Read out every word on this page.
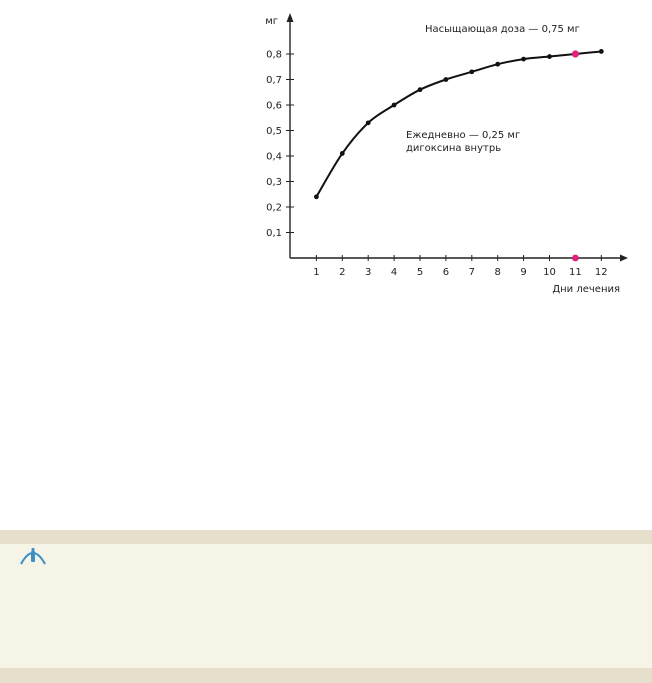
0,1
0,2
0,3
0,4
0,5
0,6
0,7
0,8
1 2 3 4 5 6 7 8 9 10 11 12
мг
Дни лечения
Насыщающая доза — 0,75 мг
Ежедневно — 0,25 мг
дигоксина внутрь
